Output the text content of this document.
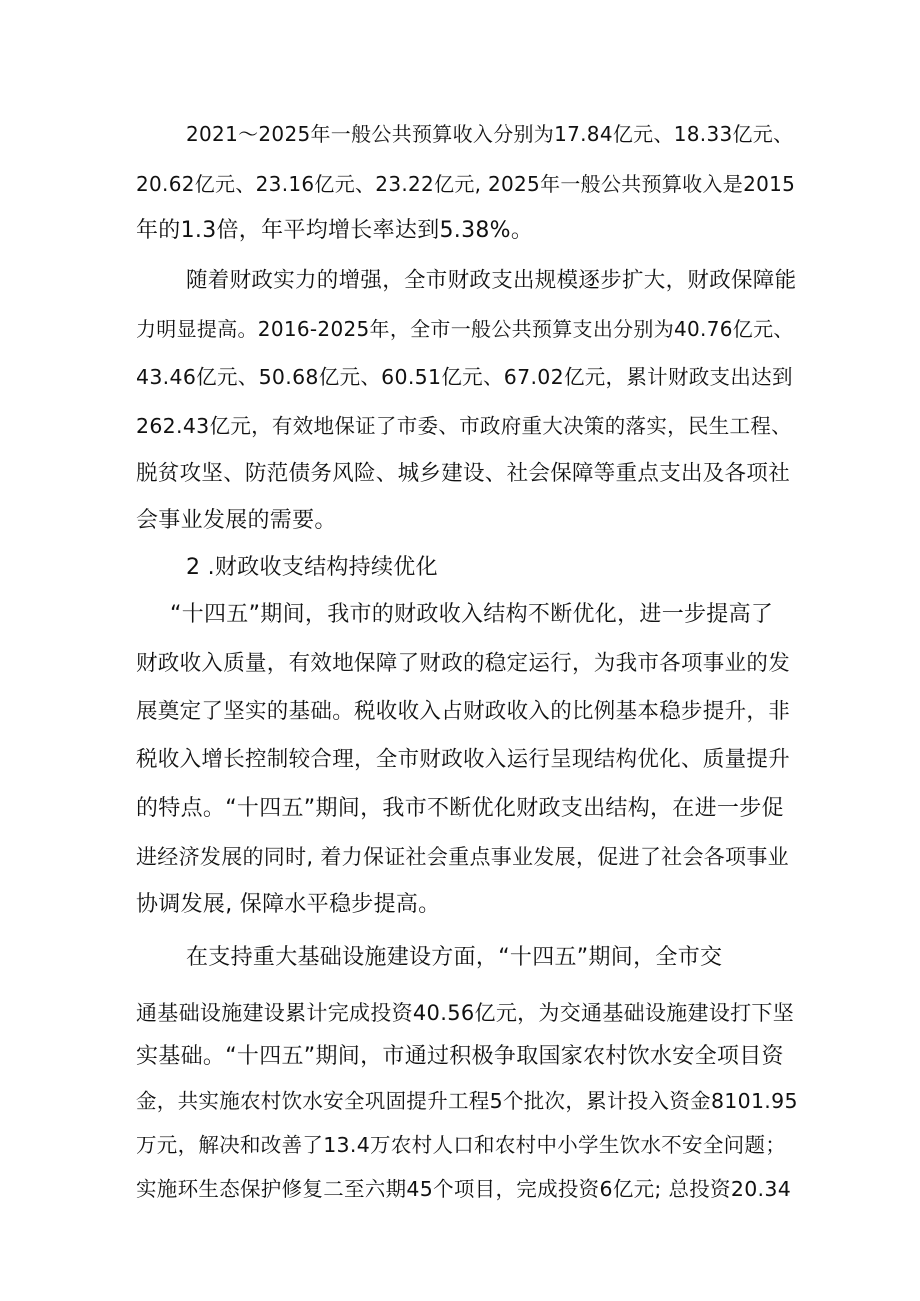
2021〜2025年一般公共预算收入分别为17.84亿元、18.33亿元、
20.62亿元、23.16亿元、23.22亿元, 2025年一般公共预算收入是2015
年的1.3倍，年平均增长率达到5.38%。
随着财政实力的增强，全市财政支出规模逐步扩大，财政保障能
力明显提高。2016-2025年，全市一般公共预算支出分别为40.76亿元、
43.46亿元、50.68亿元、60.51亿元、67.02亿元，累计财政支出达到
262.43亿元，有效地保证了市委、市政府重大决策的落实，民生工程、
脱贫攻坚、防范债务风险、城乡建设、社会保障等重点支出及各项社
会事业发展的需要。
2 .财政收支结构持续优化
“十四五”期间，我市的财政收入结构不断优化，进一步提高了
财政收入质量，有效地保障了财政的稳定运行，为我市各项事业的发
展奠定了坚实的基础。税收收入占财政收入的比例基本稳步提升，非
税收入增长控制较合理，全市财政收入运行呈现结构优化、质量提升
的特点。“十四五”期间，我市不断优化财政支出结构，在进一步促
进经济发展的同时, 着力保证社会重点事业发展，促进了社会各项事业
协调发展, 保障水平稳步提高。
在支持重大基础设施建设方面，“十四五”期间，全市交
通基础设施建设累计完成投资40.56亿元，为交通基础设施建设打下坚
实基础。“十四五”期间，市通过积极争取国家农村饮水安全项目资
金，共实施农村饮水安全巩固提升工程5个批次，累计投入资金8101.95
万元，解决和改善了13.4万农村人口和农村中小学生饮水不安全问题；
实施环生态保护修复二至六期45个项目，完成投资6亿元; 总投资20.34
